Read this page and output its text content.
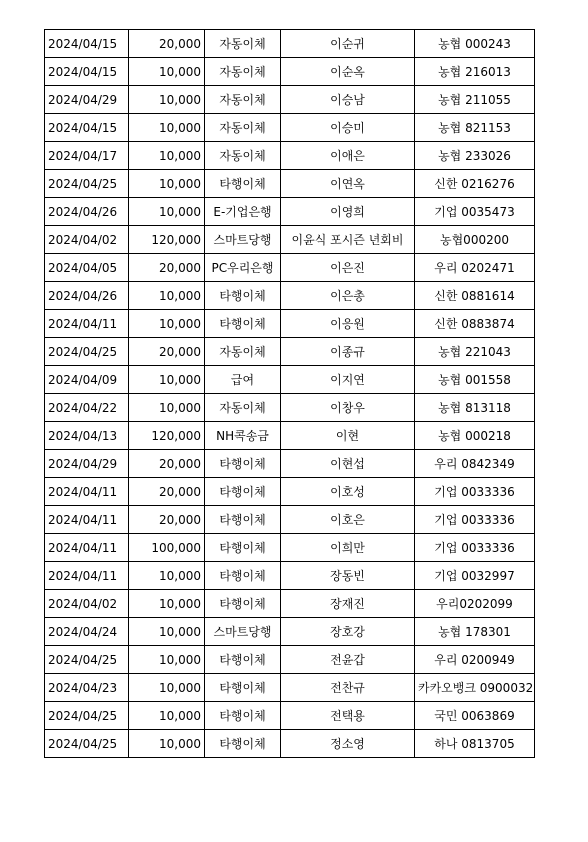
2024/04/15	20,000	자동이체	이순귀	농협 000243
2024/04/15	10,000	자동이체	이순옥	농협 216013
2024/04/29	10,000	자동이체	이승남	농협 211055
2024/04/15	10,000	자동이체	이승미	농협 821153
2024/04/17	10,000	자동이체	이애은	농협 233026
2024/04/25	10,000	타행이체	이연옥	신한 0216276
2024/04/26	10,000	E-기업은행	이영희	기업 0035473
2024/04/02	120,000	스마트당행	이윤식 포시즌 년회비	농협000200
2024/04/05	20,000	PC우리은행	이은진	우리 0202471
2024/04/26	10,000	타행이체	이은총	신한 0881614
2024/04/11	10,000	타행이체	이응원	신한 0883874
2024/04/25	20,000	자동이체	이종규	농협 221043
2024/04/09	10,000	급여	이지연	농협 001558
2024/04/22	10,000	자동이체	이창우	농협 813118
2024/04/13	120,000	NH콕송금	이현	농협 000218
2024/04/29	20,000	타행이체	이현섭	우리 0842349
2024/04/11	20,000	타행이체	이호성	기업 0033336
2024/04/11	20,000	타행이체	이호은	기업 0033336
2024/04/11	100,000	타행이체	이희만	기업 0033336
2024/04/11	10,000	타행이체	장동빈	기업 0032997
2024/04/02	10,000	타행이체	장재진	우리0202099
2024/04/24	10,000	스마트당행	장호강	농협 178301
2024/04/25	10,000	타행이체	전윤갑	우리 0200949
2024/04/23	10,000	타행이체	전찬규	카카오뱅크 0900032
2024/04/25	10,000	타행이체	전택용	국민 0063869
2024/04/25	10,000	타행이체	정소영	하나 0813705
